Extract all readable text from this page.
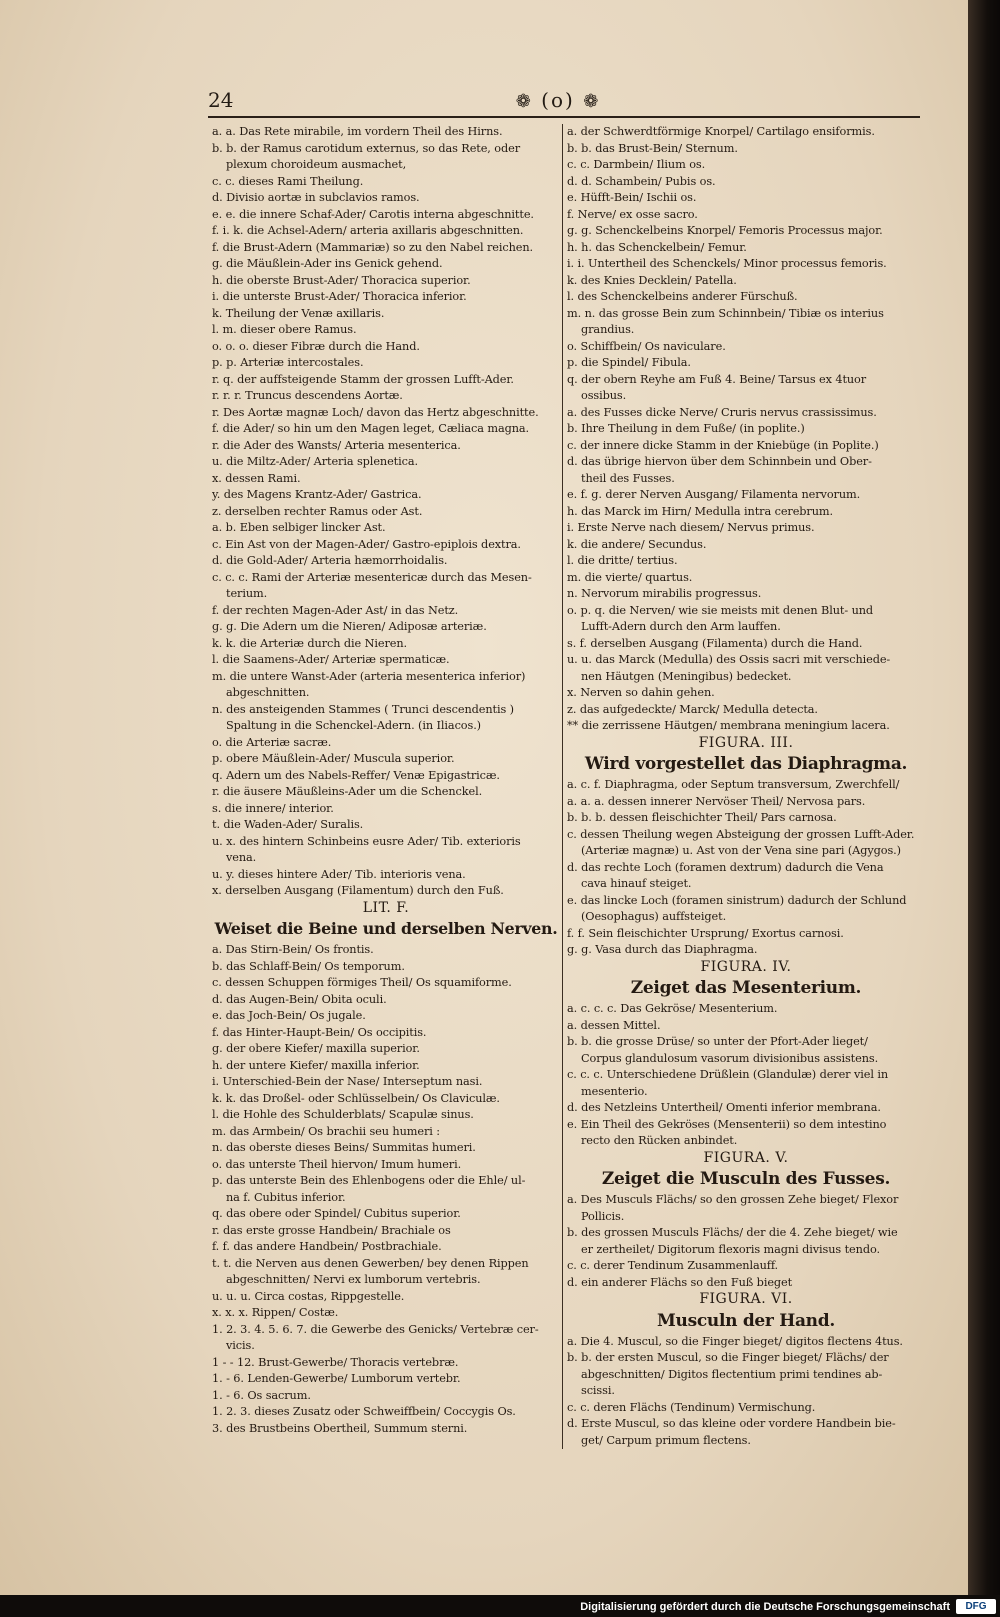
24	❁ (o) ❁
a. a. Das Rete mirabile, im vordern Theil des Hirns.
b. b. der Ramus carotidum externus, so das Rete, oder
plexum choroideum ausmachet,
c. c. dieses Rami Theilung.
d. Divisio aortæ in subclavios ramos.
e. e. die innere Schaf-Ader/ Carotis interna abgeschnitte.
f. i. k. die Achsel-Adern/ arteria axillaris abgeschnitten.
f. die Brust-Adern (Mammariæ) so zu den Nabel reichen.
g. die Mäußlein-Ader ins Genick gehend.
h. die oberste Brust-Ader/ Thoracica superior.
i. die unterste Brust-Ader/ Thoracica inferior.
k. Theilung der Venæ axillaris.
l. m. dieser obere Ramus.
o. o. o. dieser Fibræ durch die Hand.
p. p. Arteriæ intercostales.
r. q. der auffsteigende Stamm der grossen Lufft-Ader.
r. r. r. Truncus descendens Aortæ.
r. Des Aortæ magnæ Loch/ davon das Hertz abgeschnitte.
f. die Ader/ so hin um den Magen leget, Cæliaca magna.
r. die Ader des Wansts/ Arteria mesenterica.
u. die Miltz-Ader/ Arteria splenetica.
x. dessen Rami.
y. des Magens Krantz-Ader/ Gastrica.
z. derselben rechter Ramus oder Ast.
a. b. Eben selbiger lincker Ast.
c. Ein Ast von der Magen-Ader/ Gastro-epiplois dextra.
d. die Gold-Ader/ Arteria hæmorrhoidalis.
c. c. c. Rami der Arteriæ mesentericæ durch das Mesen-
terium.
f. der rechten Magen-Ader Ast/ in das Netz.
g. g. Die Adern um die Nieren/ Adiposæ arteriæ.
k. k. die Arteriæ durch die Nieren.
l. die Saamens-Ader/ Arteriæ spermaticæ.
m. die untere Wanst-Ader (arteria mesenterica inferior)
abgeschnitten.
n. des ansteigenden Stammes ( Trunci descendentis )
Spaltung in die Schenckel-Adern. (in Iliacos.)
o. die Arteriæ sacræ.
p. obere Mäußlein-Ader/ Muscula superior.
q. Adern um des Nabels-Reffer/ Venæ Epigastricæ.
r. die äusere Mäußleins-Ader um die Schenckel.
s. die innere/ interior.
t. die Waden-Ader/ Suralis.
u. x. des hintern Schinbeins eusre Ader/ Tib. exterioris
vena.
u. y. dieses hintere Ader/ Tib. interioris vena.
x. derselben Ausgang (Filamentum) durch den Fuß.
LIT. F.
Weiset die Beine und derselben Nerven.
a. Das Stirn-Bein/ Os frontis.
b. das Schlaff-Bein/ Os temporum.
c. dessen Schuppen förmiges Theil/ Os squamiforme.
d. das Augen-Bein/ Obita oculi.
e. das Joch-Bein/ Os jugale.
f. das Hinter-Haupt-Bein/ Os occipitis.
g. der obere Kiefer/ maxilla superior.
h. der untere Kiefer/ maxilla inferior.
i. Unterschied-Bein der Nase/ Interseptum nasi.
k. k. das Droßel- oder Schlüsselbein/ Os Claviculæ.
l. die Hohle des Schulderblats/ Scapulæ sinus.
m. das Armbein/ Os brachii seu humeri :
n. das oberste dieses Beins/ Summitas humeri.
o. das unterste Theil hiervon/ Imum humeri.
p. das unterste Bein des Ehlenbogens oder die Ehle/ ul-
na f. Cubitus inferior.
q. das obere oder Spindel/ Cubitus superior.
r. das erste grosse Handbein/ Brachiale os
f. f. das andere Handbein/ Postbrachiale.
t. t. die Nerven aus denen Gewerben/ bey denen Rippen
abgeschnitten/ Nervi ex lumborum vertebris.
u. u. u. Circa costas, Rippgestelle.
x. x. x. Rippen/ Costæ.
1. 2. 3. 4. 5. 6. 7. die Gewerbe des Genicks/ Vertebræ cer-
vicis.
1 - - 12. Brust-Gewerbe/ Thoracis vertebræ.
1. - 6. Lenden-Gewerbe/ Lumborum vertebr.
1. - 6. Os sacrum.
1. 2. 3. dieses Zusatz oder Schweiffbein/ Coccygis Os.
3. des Brustbeins Obertheil, Summum sterni.
a. der Schwerdtförmige Knorpel/ Cartilago ensiformis.
b. b. das Brust-Bein/ Sternum.
c. c. Darmbein/ Ilium os.
d. d. Schambein/ Pubis os.
e. Hüfft-Bein/ Ischii os.
f. Nerve/ ex osse sacro.
g. g. Schenckelbeins Knorpel/ Femoris Processus major.
h. h. das Schenckelbein/ Femur.
i. i. Untertheil des Schenckels/ Minor processus femoris.
k. des Knies Decklein/ Patella.
l. des Schenckelbeins anderer Fürschuß.
m. n. das grosse Bein zum Schinnbein/ Tibiæ os interius
grandius.
o. Schiffbein/ Os naviculare.
p. die Spindel/ Fibula.
q. der obern Reyhe am Fuß 4. Beine/ Tarsus ex 4tuor
ossibus.
a. des Fusses dicke Nerve/ Cruris nervus crassissimus.
b. Ihre Theilung in dem Fuße/ (in poplite.)
c. der innere dicke Stamm in der Kniebüge (in Poplite.)
d. das übrige hiervon über dem Schinnbein und Ober-
theil des Fusses.
e. f. g. derer Nerven Ausgang/ Filamenta nervorum.
h. das Marck im Hirn/ Medulla intra cerebrum.
i. Erste Nerve nach diesem/ Nervus primus.
k. die andere/ Secundus.
l. die dritte/ tertius.
m. die vierte/ quartus.
n. Nervorum mirabilis progressus.
o. p. q. die Nerven/ wie sie meists mit denen Blut- und
Lufft-Adern durch den Arm lauffen.
s. f. derselben Ausgang (Filamenta) durch die Hand.
u. u. das Marck (Medulla) des Ossis sacri mit verschiede-
nen Häutgen (Meningibus) bedecket.
x. Nerven so dahin gehen.
z. das aufgedeckte/ Marck/ Medulla detecta.
** die zerrissene Häutgen/ membrana meningium lacera.
FIGURA. III.
Wird vorgestellet das Diaphragma.
a. c. f. Diaphragma, oder Septum transversum, Zwerchfell/
a. a. a. dessen innerer Nervöser Theil/ Nervosa pars.
b. b. b. dessen fleischichter Theil/ Pars carnosa.
c. dessen Theilung wegen Absteigung der grossen Lufft-Ader.
(Arteriæ magnæ) u. Ast von der Vena sine pari (Agygos.)
d. das rechte Loch (foramen dextrum) dadurch die Vena
cava hinauf steiget.
e. das lincke Loch (foramen sinistrum) dadurch der Schlund
(Oesophagus) auffsteiget.
f. f. Sein fleischichter Ursprung/ Exortus carnosi.
g. g. Vasa durch das Diaphragma.
FIGURA. IV.
Zeiget das Mesenterium.
a. c. c. c. Das Gekröse/ Mesenterium.
a. dessen Mittel.
b. b. die grosse Drüse/ so unter der Pfort-Ader lieget/
Corpus glandulosum vasorum divisionibus assistens.
c. c. c. Unterschiedene Drüßlein (Glandulæ) derer viel in
mesenterio.
d. des Netzleins Untertheil/ Omenti inferior membrana.
e. Ein Theil des Gekröses (Mensenterii) so dem intestino
recto den Rücken anbindet.
FIGURA. V.
Zeiget die Musculn des Fusses.
a. Des Musculs Flächs/ so den grossen Zehe bieget/ Flexor
Pollicis.
b. des grossen Musculs Flächs/ der die 4. Zehe bieget/ wie
er zertheilet/ Digitorum flexoris magni divisus tendo.
c. c. derer Tendinum Zusammenlauff.
d. ein anderer Flächs so den Fuß bieget
FIGURA. VI.
Musculn der Hand.
a. Die 4. Muscul, so die Finger bieget/ digitos flectens 4tus.
b. b. der ersten Muscul, so die Finger bieget/ Flächs/ der
abgeschnitten/ Digitos flectentium primi tendines ab-
scissi.
c. c. deren Flächs (Tendinum) Vermischung.
d. Erste Muscul, so das kleine oder vordere Handbein bie-
get/ Carpum primum flectens.
Digitalisierung gefördert durch die Deutsche Forschungsgemeinschaft	DFG
